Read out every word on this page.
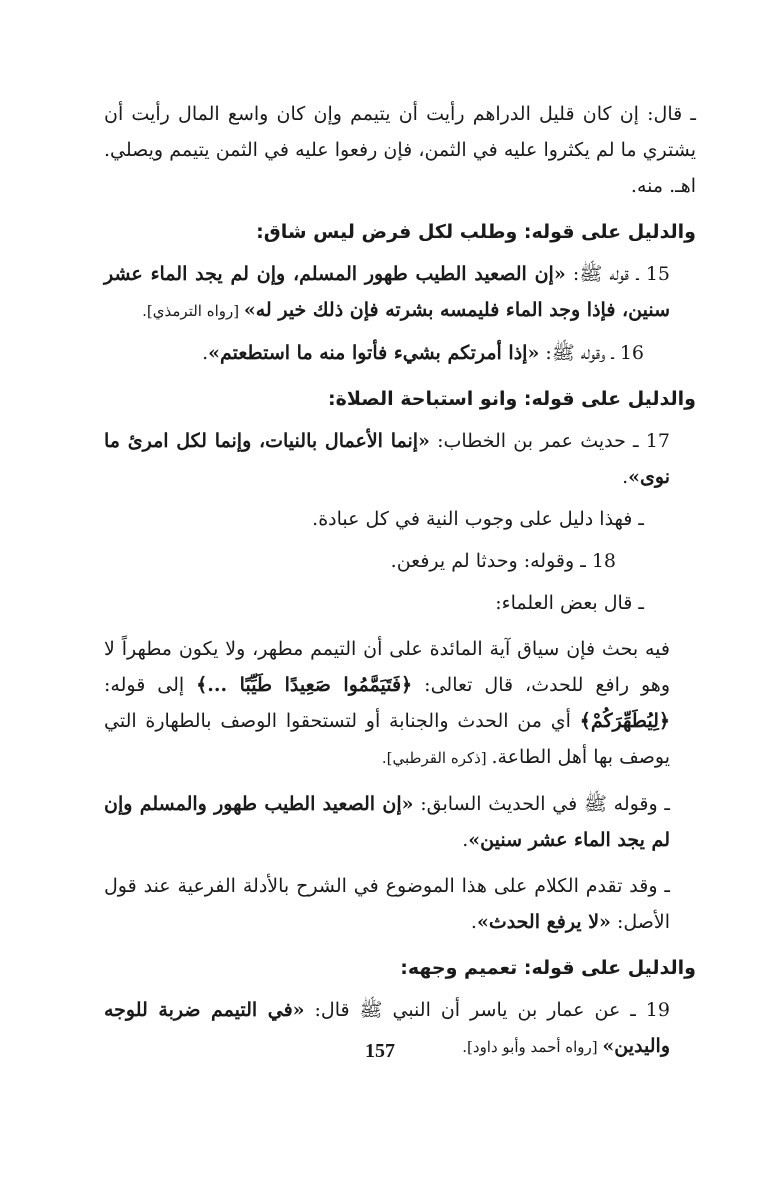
ـ قال: إن كان قليل الدراهم رأيت أن يتيمم وإن كان واسع المال رأيت أن يشتري ما لم يكثروا عليه في الثمن، فإن رفعوا عليه في الثمن يتيمم ويصلي. اهـ. منه.

والدليل على قوله: وطلب لكل فرض ليس شاق:

15 ـ قوله ﷺ: «إن الصعيد الطيب طهور المسلم، وإن لم يجد الماء عشر سنين، فإذا وجد الماء فليمسه بشرته فإن ذلك خير له» [رواه الترمذي].

16 ـ وقوله ﷺ: «إذا أمرتكم بشيء فأتوا منه ما استطعتم».

والدليل على قوله: وانو استباحة الصلاة:

17 ـ حديث عمر بن الخطاب: «إنما الأعمال بالنيات، وإنما لكل امرئ ما نوى».

ـ فهذا دليل على وجوب النية في كل عبادة.

18 ـ وقوله: وحدثا لم يرفعن.

ـ قال بعض العلماء:

فيه بحث فإن سياق آية المائدة على أن التيمم مطهر، ولا يكون مطهراً لا وهو رافع للحدث، قال تعالى: ﴿فَتَيَمَّمُوا صَعِيدًا طَيِّبًا ...﴾ إلى قوله: ﴿لِيُطَهِّرَكُمْ﴾ أي من الحدث والجنابة أو لتستحقوا الوصف بالطهارة التي يوصف بها أهل الطاعة. [ذكره القرطبي].

ـ وقوله ﷺ في الحديث السابق: «إن الصعيد الطيب طهور والمسلم وإن لم يجد الماء عشر سنين».

ـ وقد تقدم الكلام على هذا الموضوع في الشرح بالأدلة الفرعية عند قول الأصل: «لا يرفع الحدث».

والدليل على قوله: تعميم وجهه:

19 ـ عن عمار بن ياسر أن النبي ﷺ قال: «في التيمم ضربة للوجه واليدين» [رواه أحمد وأبو داود].

157
